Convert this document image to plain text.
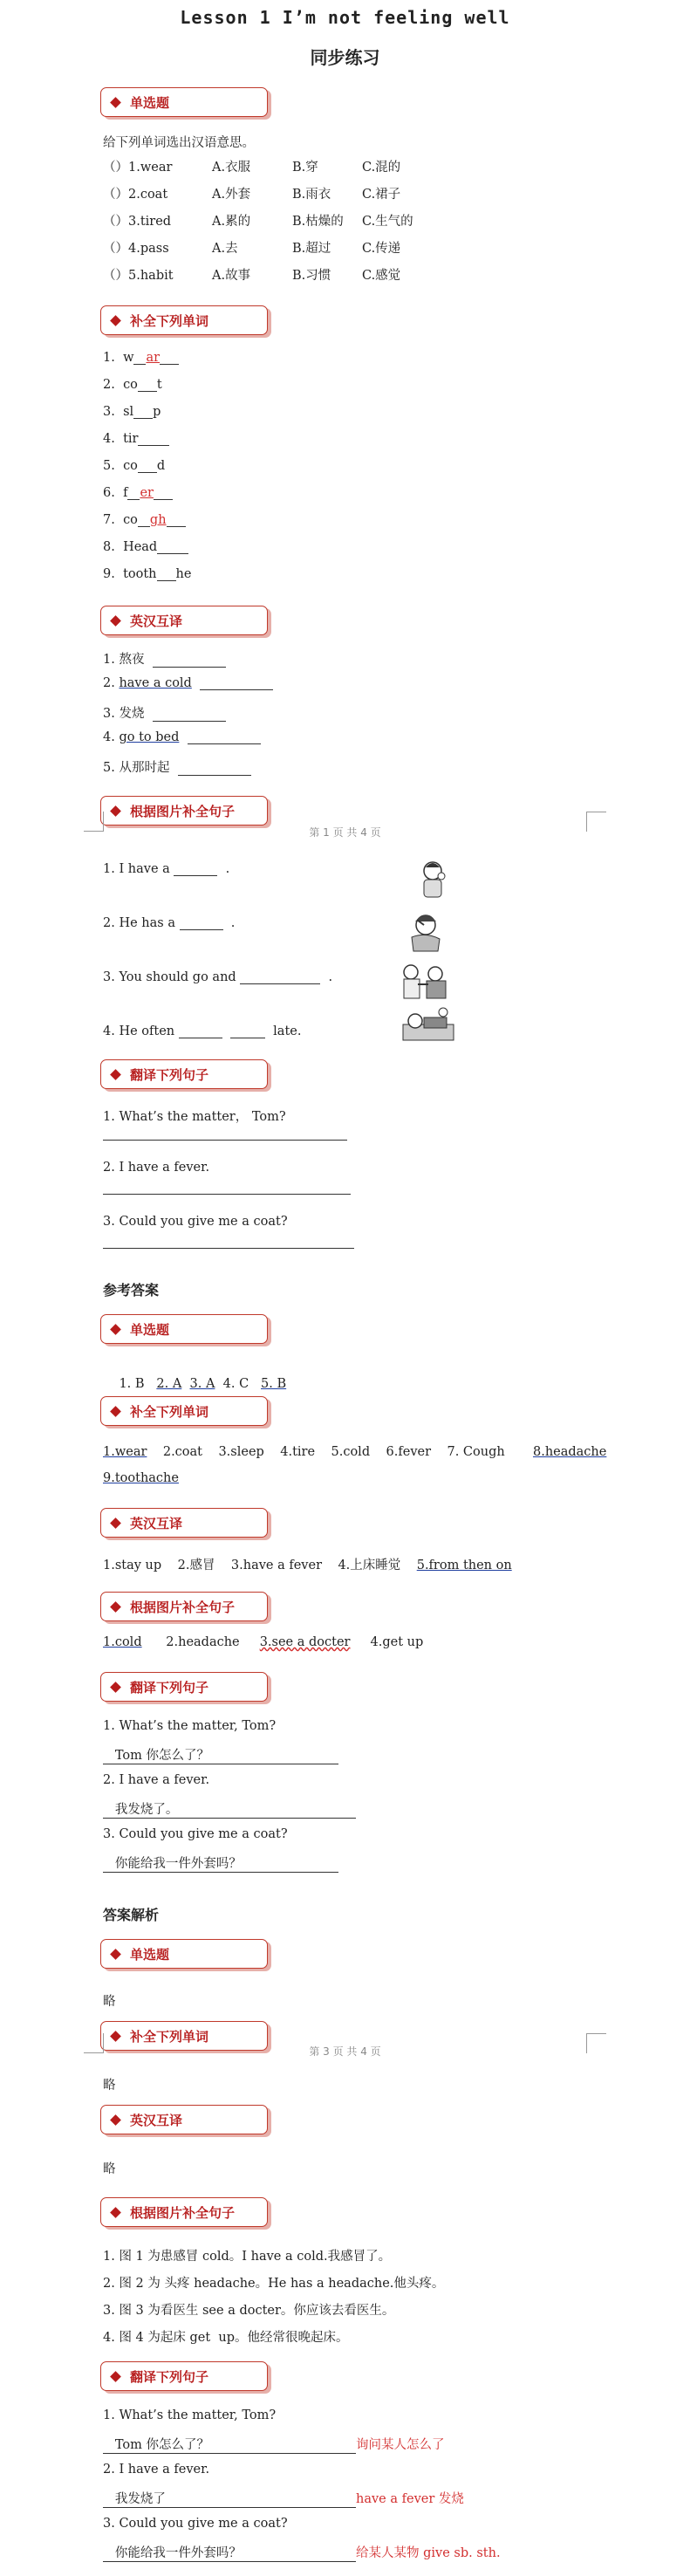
Lesson 1 I’m not feeling well
同步练习
单选题
给下列单词选出汉语意思。
补全下列单词
英汉互译
根据图片补全句子
第 1 页 共 4 页
翻译下列句子
参考答案
单选题

1. B 2. A 3. A 4. C 5. B

补全下列单词
1.wear 2.coat 3.sleep 4.tire 5.cold 6.fever 7. Cough 8.headache
9.toothache
英汉互译
1.stay up 2.感冒 3.have a fever 4.上床睡觉 5.from then on
根据图片补全句子
1.cold 2.headache 3.see a docter 4.get up
翻译下列句子
答案解析
单选题
略
补全下列单词
第 3 页 共 4 页
略
英汉互译
略
根据图片补全句子
翻译下列句子
（）1.wear	A.衣服	B.穿	C.混的
（）2.coat	A.外套	B.雨衣 C.裙子
（）3.tired	A.累的	B.枯燥的 C.生气的
（）4.pass	A.去	B.超过 C.传递
（）5.habit	A.故事	B.习惯 C.感觉
1. w ar
2. co t
3. sl p
4. tir
5. co d
6. f er
7. co gh
8. Head
9. tooth he
1. 熬夜
2. have a cold
3. 发烧
4. go to bed
5. 从那时起
1. I have a	.
2. He has a	.
3. You should go and	.
4. He often	late.
1. What’s the matter， Tom?
2. I have a fever.
3. Could you give me a coat?
1. What’s the matter, Tom?
Tom 你怎么了？
2. I have a fever.
我发烧了。
3. Could you give me a coat?
你能给我一件外套吗？
1. 图 1 为患感冒 cold。I have a cold.我感冒了。
2. 图 2 为 头疼 headache。He has a headache.他头疼。
3. 图 3 为看医生 see a docter。你应该去看医生。
4. 图 4 为起床 get  up。他经常很晚起床。
1. What’s the matter, Tom?
Tom 你怎么了？	询问某人怎么了
2. I have a fever.
我发烧了	have a fever 发烧
3. Could you give me a coat?
你能给我一件外套吗？	给某人某物 give sb. sth.
